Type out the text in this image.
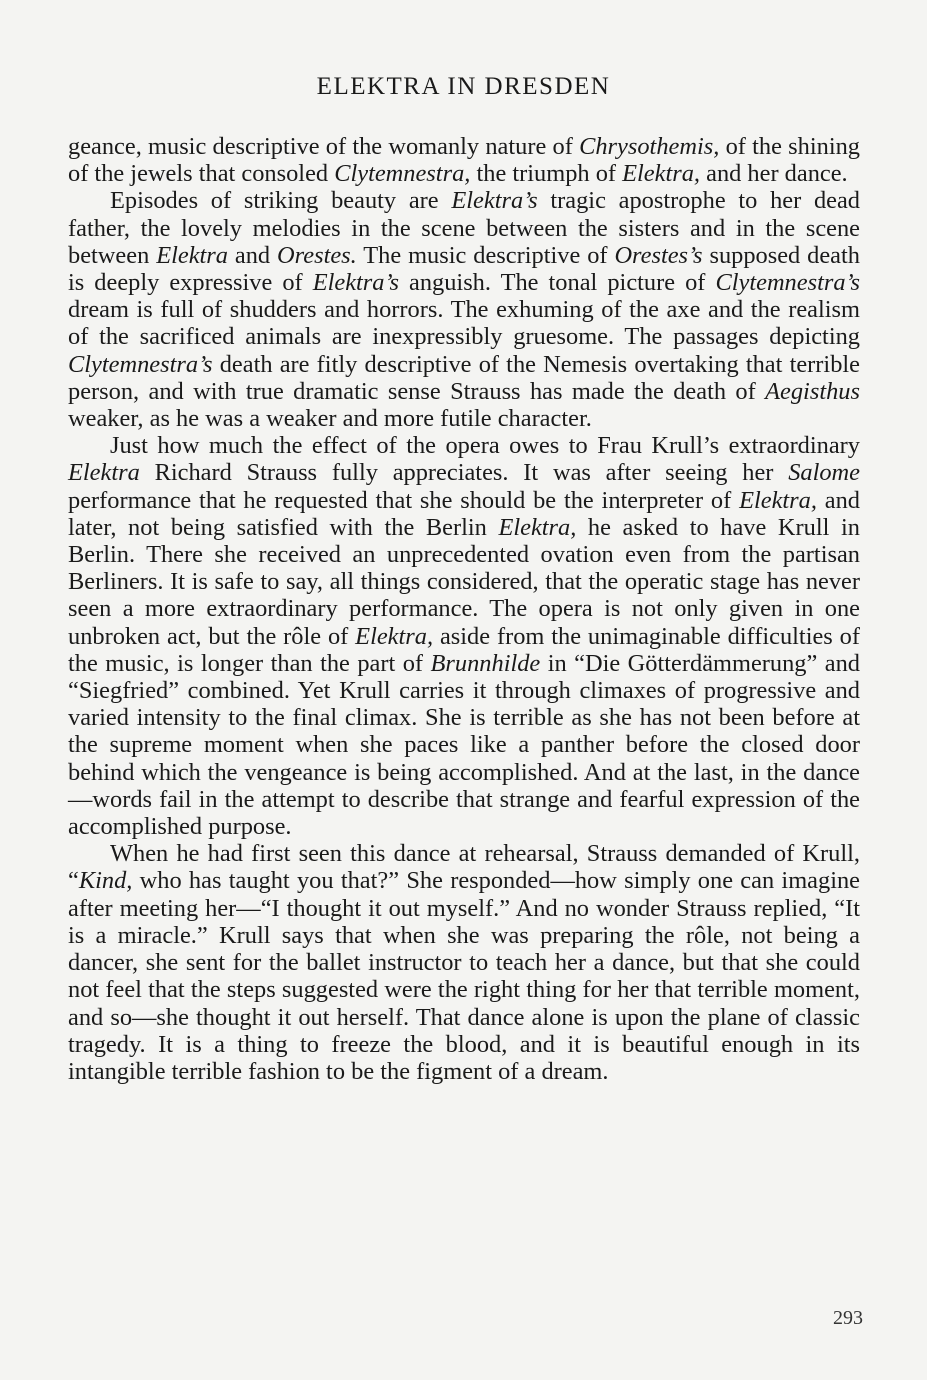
ELEKTRA IN DRESDEN

geance, music descriptive of the womanly nature of Chrysothemis, of the shining of the jewels that consoled Clytemnestra, the triumph of Elektra, and her dance.

Episodes of striking beauty are Elektra’s tragic apostrophe to her dead father, the lovely melodies in the scene between the sisters and in the scene between Elektra and Orestes. The music descriptive of Orestes’s supposed death is deeply expressive of Elektra’s anguish. The tonal picture of Clytemnestra’s dream is full of shudders and horrors. The exhuming of the axe and the realism of the sacrificed animals are inexpressibly gruesome. The passages depicting Clytemnestra’s death are fitly descriptive of the Nemesis overtaking that terrible person, and with true dramatic sense Strauss has made the death of Aegisthus weaker, as he was a weaker and more futile character.

Just how much the effect of the opera owes to Frau Krull’s extraordinary Elektra Richard Strauss fully appreciates. It was after seeing her Salome performance that he requested that she should be the interpreter of Elektra, and later, not being satisfied with the Berlin Elektra, he asked to have Krull in Berlin. There she received an unprecedented ovation even from the partisan Berliners. It is safe to say, all things considered, that the operatic stage has never seen a more extraordinary performance. The opera is not only given in one unbroken act, but the rôle of Elektra, aside from the unimaginable difficulties of the music, is longer than the part of Brunnhilde in “Die Götterdämmerung” and “Siegfried” combined. Yet Krull carries it through climaxes of progressive and varied intensity to the final climax. She is terrible as she has not been before at the supreme moment when she paces like a panther before the closed door behind which the vengeance is being accomplished. And at the last, in the dance—words fail in the attempt to describe that strange and fearful expression of the accomplished purpose.

When he had first seen this dance at rehearsal, Strauss demanded of Krull, “Kind, who has taught you that?” She responded—how simply one can imagine after meeting her—“I thought it out myself.” And no wonder Strauss replied, “It is a miracle.” Krull says that when she was preparing the rôle, not being a dancer, she sent for the ballet instructor to teach her a dance, but that she could not feel that the steps suggested were the right thing for her that terrible moment, and so—she thought it out herself. That dance alone is upon the plane of classic tragedy. It is a thing to freeze the blood, and it is beautiful enough in its intangible terrible fashion to be the figment of a dream.

293
